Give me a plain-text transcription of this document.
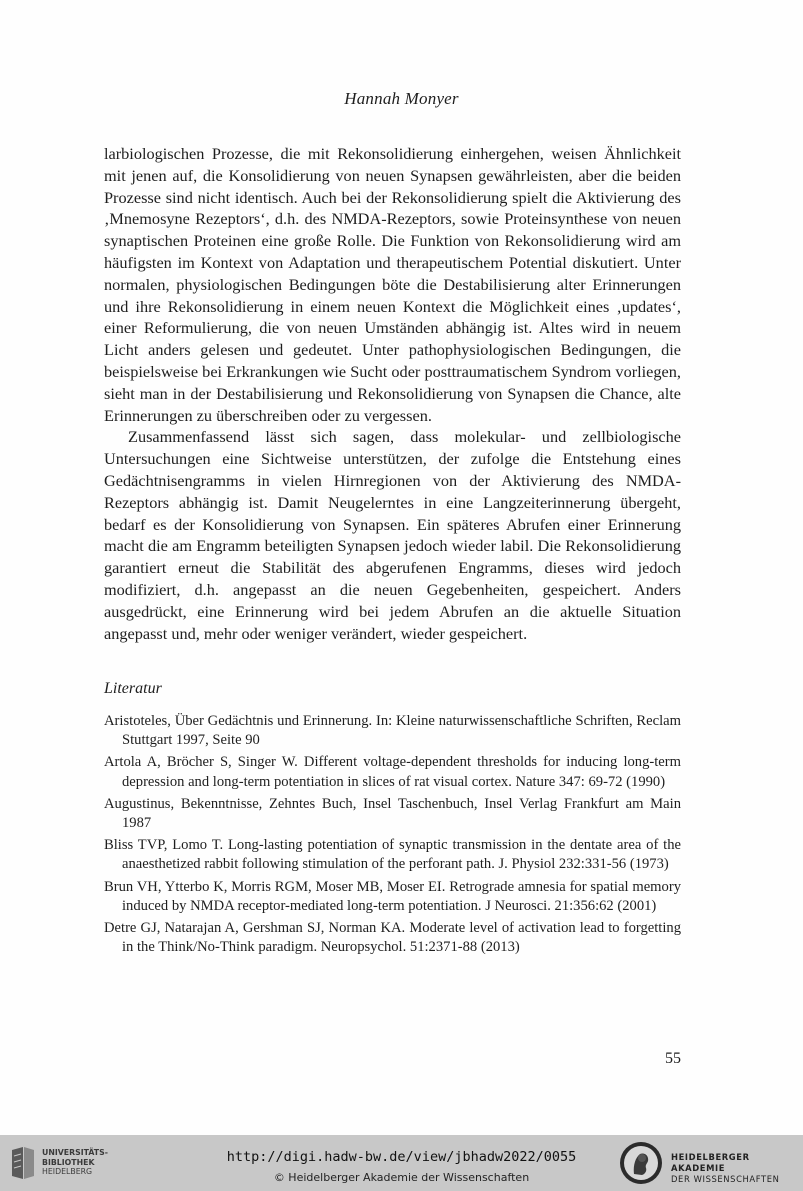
Hannah Monyer

larbiologischen Prozesse, die mit Rekonsolidierung einhergehen, weisen Ähnlichkeit mit jenen auf, die Konsolidierung von neuen Synapsen gewährleisten, aber die beiden Prozesse sind nicht identisch. Auch bei der Rekonsolidierung spielt die Aktivierung des ‚Mnemosyne Rezeptors‘, d.h. des NMDA-Rezeptors, sowie Proteinsynthese von neuen synaptischen Proteinen eine große Rolle. Die Funktion von Rekonsolidierung wird am häufigsten im Kontext von Adaptation und therapeutischem Potential diskutiert. Unter normalen, physiologischen Bedingungen böte die Destabilisierung alter Erinnerungen und ihre Rekonsolidierung in einem neuen Kontext die Möglichkeit eines ‚updates‘, einer Reformulierung, die von neuen Umständen abhängig ist. Altes wird in neuem Licht anders gelesen und gedeutet. Unter pathophysiologischen Bedingungen, die beispielsweise bei Erkrankungen wie Sucht oder posttraumatischem Syndrom vorliegen, sieht man in der Destabilisierung und Rekonsolidierung von Synapsen die Chance, alte Erinnerungen zu überschreiben oder zu vergessen.

Zusammenfassend lässt sich sagen, dass molekular- und zellbiologische Untersuchungen eine Sichtweise unterstützen, der zufolge die Entstehung eines Gedächtnisengramms in vielen Hirnregionen von der Aktivierung des NMDA-Rezeptors abhängig ist. Damit Neugelerntes in eine Langzeiterinnerung übergeht, bedarf es der Konsolidierung von Synapsen. Ein späteres Abrufen einer Erinnerung macht die am Engramm beteiligten Synapsen jedoch wieder labil. Die Rekonsolidierung garantiert erneut die Stabilität des abgerufenen Engramms, dieses wird jedoch modifiziert, d.h. angepasst an die neuen Gegebenheiten, gespeichert. Anders ausgedrückt, eine Erinnerung wird bei jedem Abrufen an die aktuelle Situation angepasst und, mehr oder weniger verändert, wieder gespeichert.

Literatur
Aristoteles, Über Gedächtnis und Erinnerung. In: Kleine naturwissenschaftliche Schriften, Reclam Stuttgart 1997, Seite 90
Artola A, Bröcher S, Singer W. Different voltage-dependent thresholds for inducing long-term depression and long-term potentiation in slices of rat visual cortex. Nature 347: 69-72 (1990)
Augustinus, Bekenntnisse, Zehntes Buch, Insel Taschenbuch, Insel Verlag Frankfurt am Main 1987
Bliss TVP, Lomo T. Long-lasting potentiation of synaptic transmission in the dentate area of the anaesthetized rabbit following stimulation of the perforant path. J. Physiol 232:331-56 (1973)
Brun VH, Ytterbo K, Morris RGM, Moser MB, Moser EI. Retrograde amnesia for spatial memory induced by NMDA receptor-mediated long-term potentiation. J Neurosci. 21:356:62 (2001)
Detre GJ, Natarajan A, Gershman SJ, Norman KA. Moderate level of activation lead to forgetting in the Think/No-Think paradigm. Neuropsychol. 51:2371-88 (2013)
55
UNIVERSITÄTS-
BIBLIOTHEK
HEIDELBERG
http://digi.hadw-bw.de/view/jbhadw2022/0055
© Heidelberger Akademie der Wissenschaften
HEIDELBERGER AKADEMIE
DER WISSENSCHAFTEN
